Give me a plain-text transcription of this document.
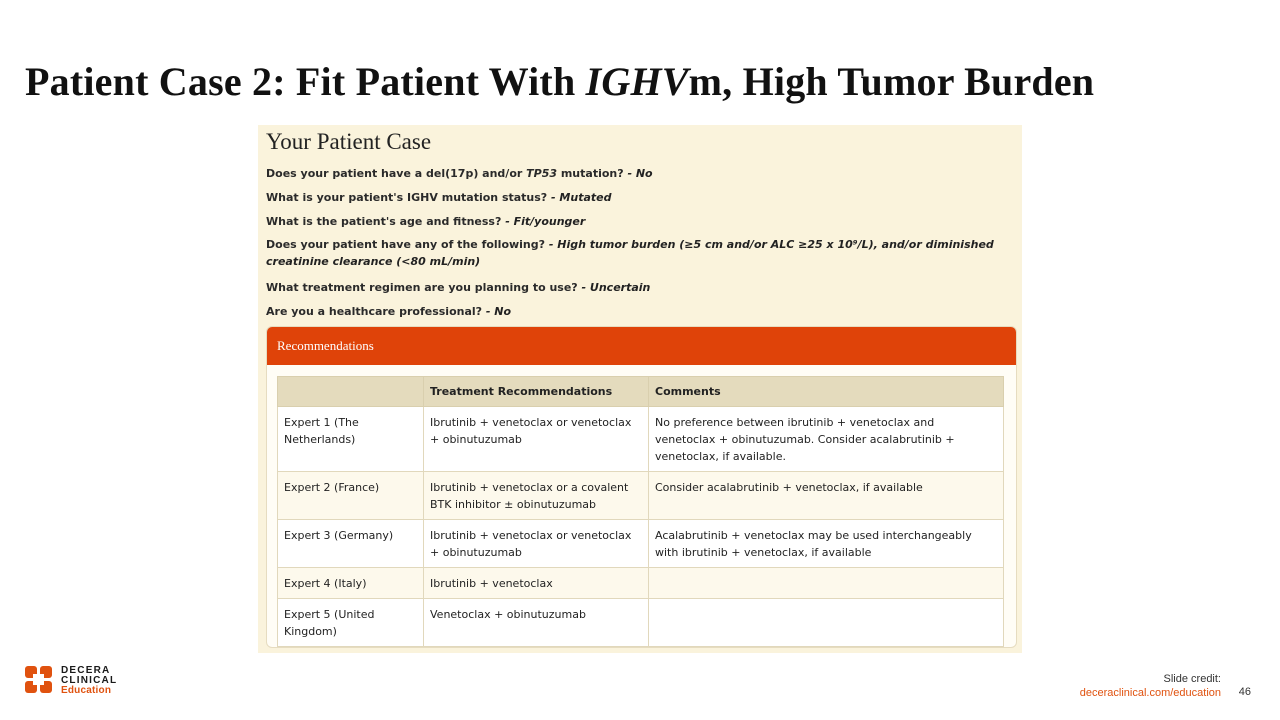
Patient Case 2: Fit Patient With IGHVm, High Tumor Burden
Your Patient Case
Does your patient have a del(17p) and/or TP53 mutation? - No
What is your patient's IGHV mutation status? - Mutated
What is the patient's age and fitness? - Fit/younger
Does your patient have any of the following? - High tumor burden (≥5 cm and/or ALC ≥25 x 10⁹/L), and/or diminished creatinine clearance (<80 mL/min)
What treatment regimen are you planning to use? - Uncertain
Are you a healthcare professional? - No
Recommendations
	Treatment Recommendations	Comments
Expert 1 (The Netherlands)	Ibrutinib + venetoclax or venetoclax + obinutuzumab	No preference between ibrutinib + venetoclax and venetoclax + obinutuzumab. Consider acalabrutinib + venetoclax, if available.
Expert 2 (France)	Ibrutinib + venetoclax or a covalent BTK inhibitor ± obinutuzumab	Consider acalabrutinib + venetoclax, if available
Expert 3 (Germany)	Ibrutinib + venetoclax or venetoclax + obinutuzumab	Acalabrutinib + venetoclax may be used interchangeably with ibrutinib + venetoclax, if available
Expert 4 (Italy)	Ibrutinib + venetoclax	
Expert 5 (United Kingdom)	Venetoclax + obinutuzumab	
DECERA
CLINICAL
Education
Slide credit:
deceraclinical.com/education 46
